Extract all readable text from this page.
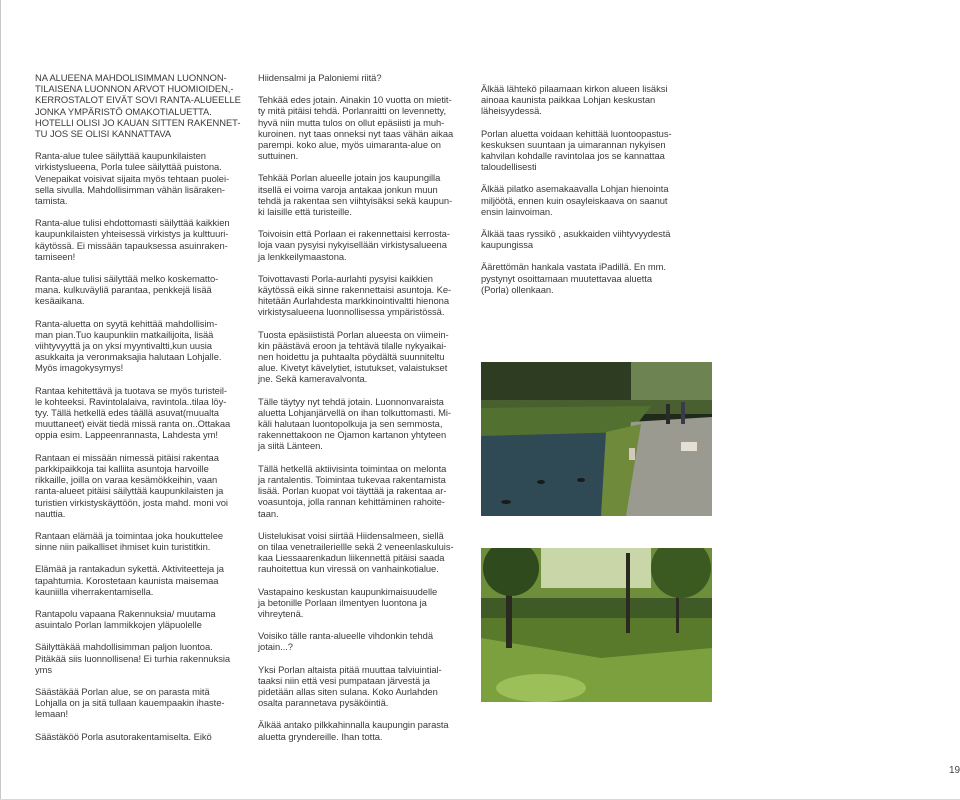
NA ALUEENA MAHDOLISIMMAN LUONNON-
TILAISENA LUONNON ARVOT HUOMIOIDEN,-
KERROSTALOT EIVÄT SOVI RANTA-ALUEELLE
JONKA YMPÄRISTÖ OMAKOTIALUETTA.
HOTELLI OLISI JO KAUAN SITTEN RAKENNET-
TU JOS SE OLISI KANNATTAVA

Ranta-alue tulee säilyttää kaupunkilaisten
virkistyslueena, Porla tulee säilyttää puistona.
Venepaikat voisivat sijaita myös tehtaan puolei-
sella sivulla. Mahdollisimman vähän lisäraken-
tamista.

Ranta-alue tulisi ehdottomasti säilyttää kaikkien
kaupunkilaisten yhteisessä virkistys ja kulttuuri-
käytössä. Ei missään tapauksessa asuinraken-
tamiseen!

Ranta-alue tulisi säilyttää melko koskematto-
mana. kulkuväyliä parantaa, penkkejä lisää
kesäaikana.

Ranta-aluetta on syytä kehittää mahdollisim-
man pian.Tuo kaupunkiin matkailijoita, lisää
viihtyvyyttä ja on yksi myyntivaltti,kun uusia
asukkaita ja veronmaksajia halutaan Lohjalle.
Myös imagokysymys!

Rantaa kehitettävä ja tuotava se myös turisteil-
le kohteeksi. Ravintolalaiva, ravintola..tilaa löy-
tyy. Tällä hetkellä edes täällä asuvat(muualta
muuttaneet) eivät tiedä missä ranta on..Ottakaa
oppia esim. Lappeenrannasta, Lahdesta ym!

Rantaan ei missään nimessä pitäisi rakentaa
parkkipaikkoja tai kalliita asuntoja harvoille
rikkaille, joilla on varaa kesämökkeihin, vaan
ranta-alueet pitäisi säilyttää kaupunkilaisten ja
turistien virkistyskäyttöön, josta mahd. moni voi
nauttia.

Rantaan elämää ja toimintaa joka houkuttelee
sinne niin paikalliset ihmiset kuin turistitkin.

Elämää ja rantakadun sykettä. Aktiviteetteja ja
tapahtumia. Korostetaan kaunista maisemaa
kauniilla viherrakentamisella.

Rantapolu vapaana Rakennuksia/ muutama
asuintalo Porlan lammikkojen yläpuolelle

Säilyttäkää mahdollisimman paljon luontoa.
Pitäkää siis luonnollisena! Ei turhia rakennuksia
yms

Säästäkää Porlan alue, se on parasta mitä
Lohjalla on ja sitä tullaan kauempaakin ihaste-
lemaan!

Säästäköö Porla asutorakentamiselta. Eikö

Hiidensalmi ja Paloniemi riitä?

Tehkää edes jotain. Ainakin 10 vuotta on mietit-
ty mitä pitäisi tehdä. Porlanraitti on levennetty,
hyvä niin mutta tulos on ollut epäsiisti ja muh-
kuroinen. nyt taas onneksi nyt taas vähän aikaa
parempi. koko alue, myös uimaranta-alue on
suttuinen.

Tehkää Porlan alueelle jotain jos kaupungilla
itsellä ei voima varoja antakaa jonkun muun
tehdä ja rakentaa sen viihtyisäksi sekä kaupun-
ki laisille että turisteille.

Toivoisin että Porlaan ei rakennettaisi kerrosta-
loja vaan pysyisi nykyisellään virkistysalueena
ja lenkkeilymaastona.

Toivottavasti Porla-aurlahti pysyisi kaikkien
käytössä eikä sinne rakennettaisi asuntoja. Ke-
hitetään Aurlahdesta markkinointivaltti hienona
virkistysalueena luonnollisessa ympäristössä.

Tuosta epäsiististä Porlan alueesta on viimein-
kin päästävä eroon ja tehtävä tilalle nykyaikai-
nen hoidettu ja puhtaalta pöydältä suunniteltu
alue. Kivetyt kävelytiet, istutukset, valaistukset
jne. Sekä kameravalvonta.

Tälle täytyy nyt tehdä jotain. Luonnonvaraista
aluetta Lohjanjärvellä on ihan tolkuttomasti. Mi-
käli halutaan luontopolkuja ja sen semmosta,
rakennettakoon ne Ojamon kartanon yhtyteen
ja siitä Länteen.

Tällä hetkellä aktiivisinta toimintaa on melonta
ja rantalentis. Toimintaa tukevaa rakentamista
lisää. Porlan kuopat voi täyttää ja rakentaa ar-
voasuntoja, jolla rannan kehittäminen rahoite-
taan.

Uistelukisat voisi siirtää Hiidensalmeen, siellä
on tilaa venetraileriellle sekä 2 veneenlaskuluis-
kaa Liessaarenkadun liikennettä pitäisi saada
rauhoitettua kun viressä on vanhainkotialue.

Vastapaino keskustan kaupunkimaisuudelle
ja betonille Porlaan ilmentyen luontona ja
vihreytenä.

Voisiko tälle ranta-alueelle vihdonkin tehdä
jotain...?

Yksi Porlan altaista pitää muuttaa talviuintial-
taaksi niin että vesi pumpataan järvestä ja
pidetään allas siten sulana. Koko Aurlahden
osalta parannetava pysäköintiä.

Älkää antako pilkkahinnalla kaupungin parasta
aluetta gryndereille. Ihan totta.

Älkää lähtekö pilaamaan kirkon alueen lisäksi
ainoaa kaunista paikkaa Lohjan keskustan
läheisyydessä.

Porlan aluetta voidaan kehittää luontoopastus-
keskuksen suuntaan ja uimarannan nykyisen
kahvilan kohdalle ravintolaa jos se kannattaa
taloudellisesti

Älkää pilatko asemakaavalla Lohjan hienointa
miljöötä, ennen kuin osayleiskaava on saanut
ensin lainvoiman.

Älkää taas ryssikö , asukkaiden viihtyvyydestä
kaupungissa

Äärettömän hankala vastata iPadillä. En mm.
pystynyt osoittamaan muutettavaa aluetta
(Porla) ollenkaan.

19
